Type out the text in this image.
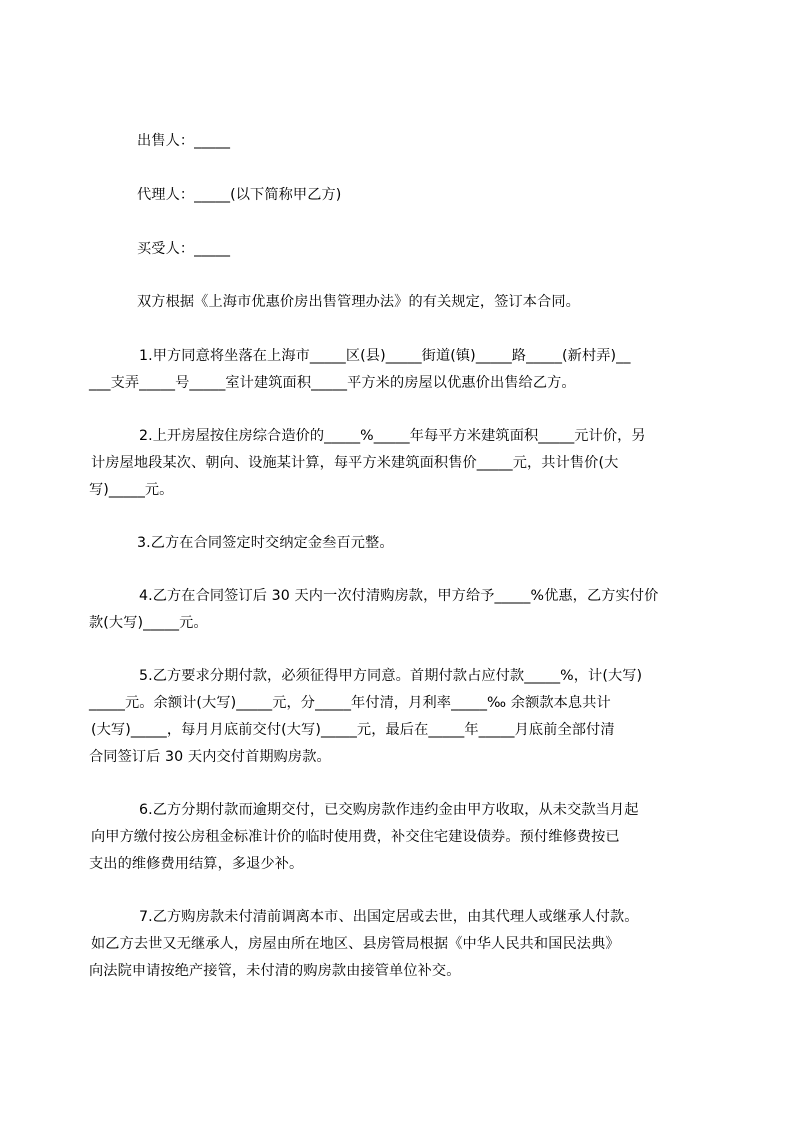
出售人：_____
代理人：_____(以下简称甲乙方)
买受人：_____
双方根据《上海市优惠价房出售管理办法》的有关规定，签订本合同。
1.甲方同意将坐落在上海市_____区(县)_____街道(镇)_____路_____(新村弄)__
___支弄_____号_____室计建筑面积_____平方米的房屋以优惠价出售给乙方。
2.上开房屋按住房综合造价的_____%_____年每平方米建筑面积_____元计价，另
计房屋地段某次、朝向、设施某计算，每平方米建筑面积售价_____元，共计售价(大
写)_____元。
3.乙方在合同签定时交纳定金叁百元整。
4.乙方在合同签订后 30 天内一次付清购房款，甲方给予_____%优惠，乙方实付价
款(大写)_____元。
5.乙方要求分期付款，必须征得甲方同意。首期付款占应付款_____%，计(大写)
_____元。余额计(大写)_____元，分_____年付清，月利率_____‰ 余额款本息共计
(大写)_____，每月月底前交付(大写)_____元，最后在_____年_____月底前全部付清
合同签订后 30 天内交付首期购房款。
6.乙方分期付款而逾期交付，已交购房款作违约金由甲方收取，从未交款当月起
向甲方缴付按公房租金标准计价的临时使用费，补交住宅建设债券。预付维修费按已
支出的维修费用结算，多退少补。
7.乙方购房款未付清前调离本市、出国定居或去世，由其代理人或继承人付款。
如乙方去世又无继承人，房屋由所在地区、县房管局根据《中华人民共和国民法典》
向法院申请按绝产接管，未付清的购房款由接管单位补交。
